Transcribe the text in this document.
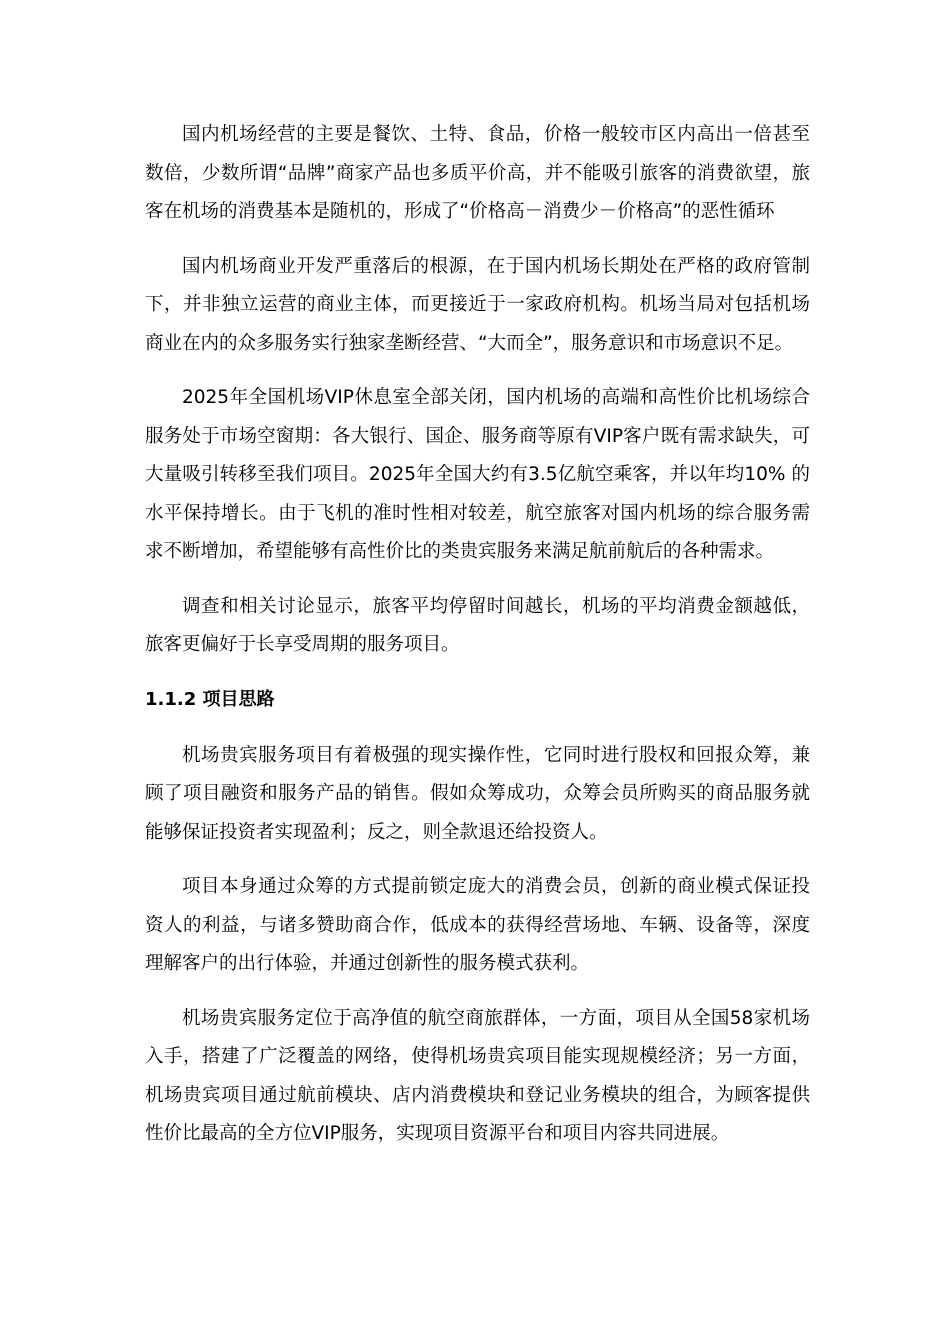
国内机场经营的主要是餐饮、土特、食品，价格一般较市区内高出一倍甚至数倍，少数所谓“品牌”商家产品也多质平价高，并不能吸引旅客的消费欲望，旅客在机场的消费基本是随机的，形成了“价格高－消费少－价格高”的恶性循环

国内机场商业开发严重落后的根源，在于国内机场长期处在严格的政府管制下，并非独立运营的商业主体，而更接近于一家政府机构。机场当局对包括机场商业在内的众多服务实行独家垄断经营、“大而全”，服务意识和市场意识不足。

2025年全国机场VIP休息室全部关闭，国内机场的高端和高性价比机场综合服务处于市场空窗期：各大银行、国企、服务商等原有VIP客户既有需求缺失，可大量吸引转移至我们项目。2025年全国大约有3.5亿航空乘客，并以年均10% 的水平保持增长。由于飞机的准时性相对较差，航空旅客对国内机场的综合服务需求不断增加，希望能够有高性价比的类贵宾服务来满足航前航后的各种需求。

调查和相关讨论显示，旅客平均停留时间越长，机场的平均消费金额越低，旅客更偏好于长享受周期的服务项目。

1.1.2 项目思路

机场贵宾服务项目有着极强的现实操作性，它同时进行股权和回报众筹，兼顾了项目融资和服务产品的销售。假如众筹成功，众筹会员所购买的商品服务就能够保证投资者实现盈利；反之，则全款退还给投资人。

项目本身通过众筹的方式提前锁定庞大的消费会员，创新的商业模式保证投资人的利益，与诸多赞助商合作，低成本的获得经营场地、车辆、设备等，深度理解客户的出行体验，并通过创新性的服务模式获利。

机场贵宾服务定位于高净值的航空商旅群体，一方面，项目从全国58家机场入手，搭建了广泛覆盖的网络，使得机场贵宾项目能实现规模经济；另一方面，机场贵宾项目通过航前模块、店内消费模块和登记业务模块的组合，为顾客提供性价比最高的全方位VIP服务，实现项目资源平台和项目内容共同进展。
